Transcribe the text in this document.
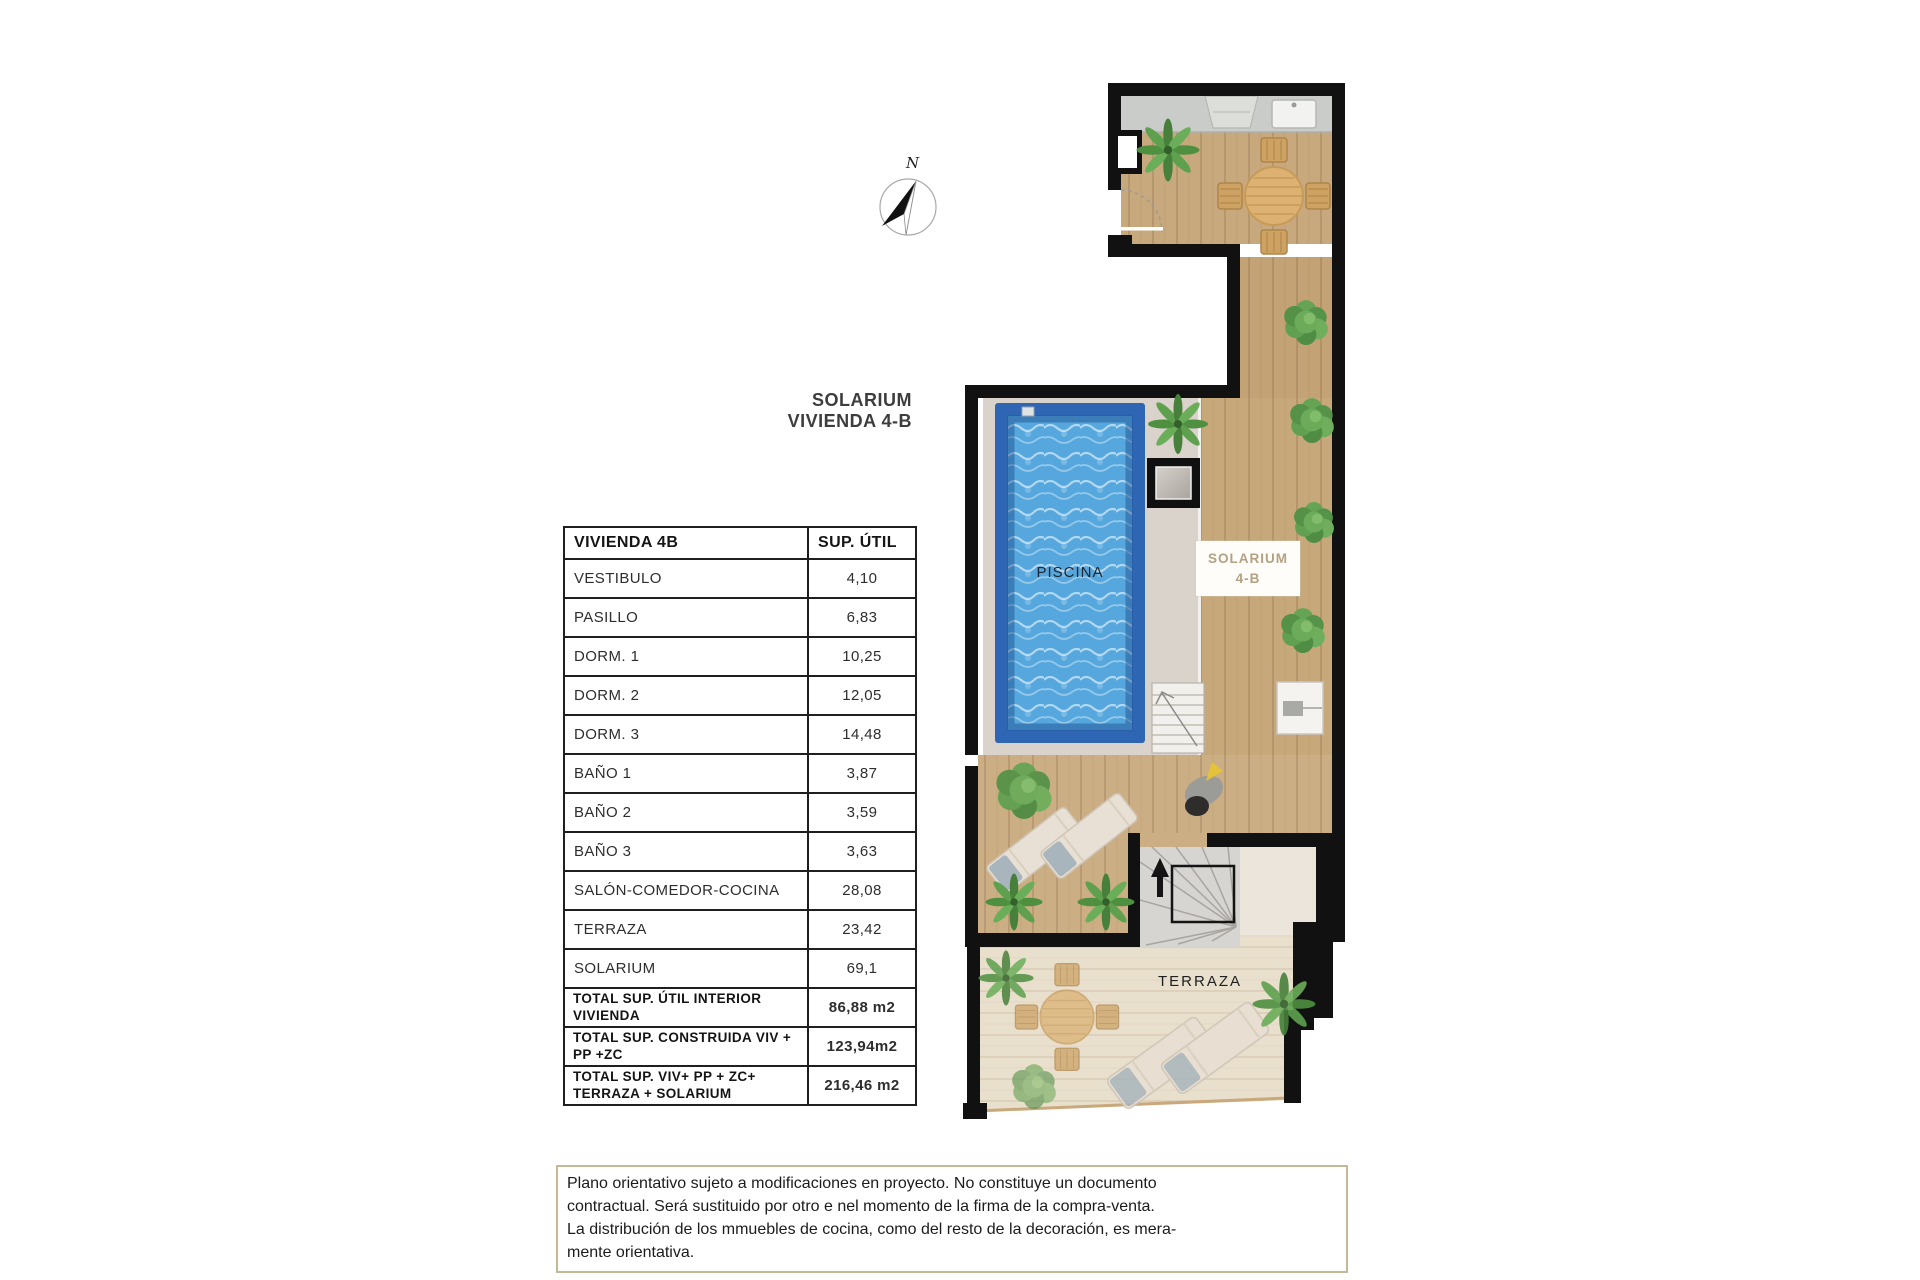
N
SOLARIUM
VIVIENDA 4-B
VIVIENDA 4B	SUP. ÚTIL
VESTIBULO	4,10
PASILLO	6,83
DORM. 1	10,25
DORM. 2	12,05
DORM. 3	14,48
BAÑO 1	3,87
BAÑO 2	3,59
BAÑO 3	3,63
SALÓN-COMEDOR-COCINA	28,08
TERRAZA	23,42
SOLARIUM	69,1
TOTAL SUP. ÚTIL INTERIOR VIVIENDA	86,88 m2
TOTAL SUP. CONSTRUIDA VIV + PP +ZC	123,94m2
TOTAL SUP. VIV+ PP + ZC+ TERRAZA + SOLARIUM	216,46 m2
PISCINA
SOLARIUM
4-B
TERRAZA
Plano orientativo sujeto a modificaciones en proyecto. No constituye un documento
contractual. Será sustituido por otro e nel momento de la firma de la compra-venta.
La distribución de los mmuebles de cocina, como del resto de la decoración, es mera-
mente orientativa.
